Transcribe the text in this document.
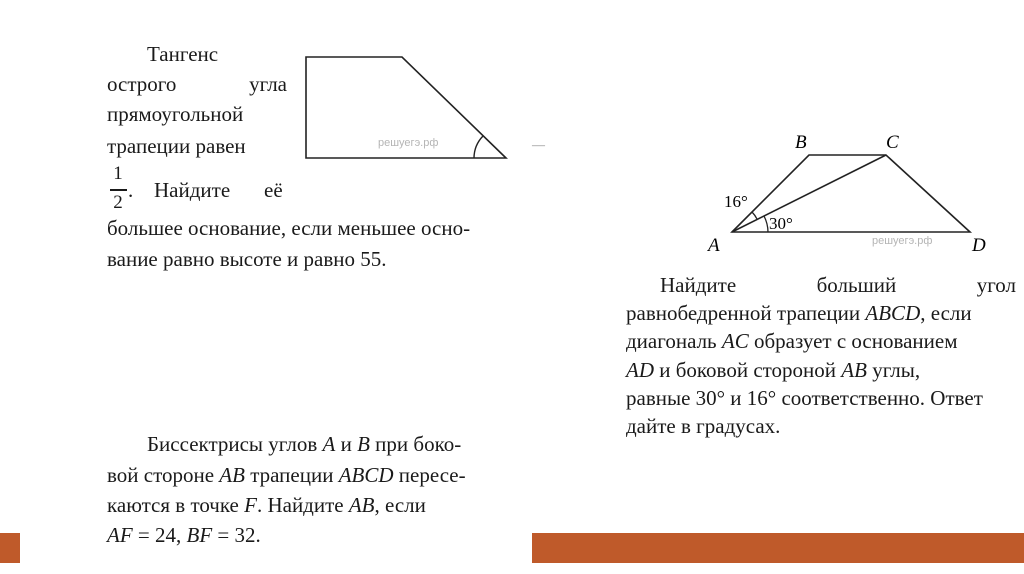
Тангенс
острого	угла
прямоугольной
трапеции равен
1
2
. Найдите её
большее основание, если меньшее осно-
вание равно высоте и равно 55.
решуегэ.рф	—	B	C
A	D
16°
30°
решуегэ.рф
Найдите	больший	угол
равнобедренной трапеции ABCD, если
диагональ AC образует с основанием
AD и боковой стороной AB углы,
равные 30° и 16° соответственно. Ответ
дайте в градусах.
Биссектрисы углов A и B при боко-
вой стороне AB трапеции ABCD пересе-
каются в точке F. Найдите AB, если
AF = 24, BF = 32.
